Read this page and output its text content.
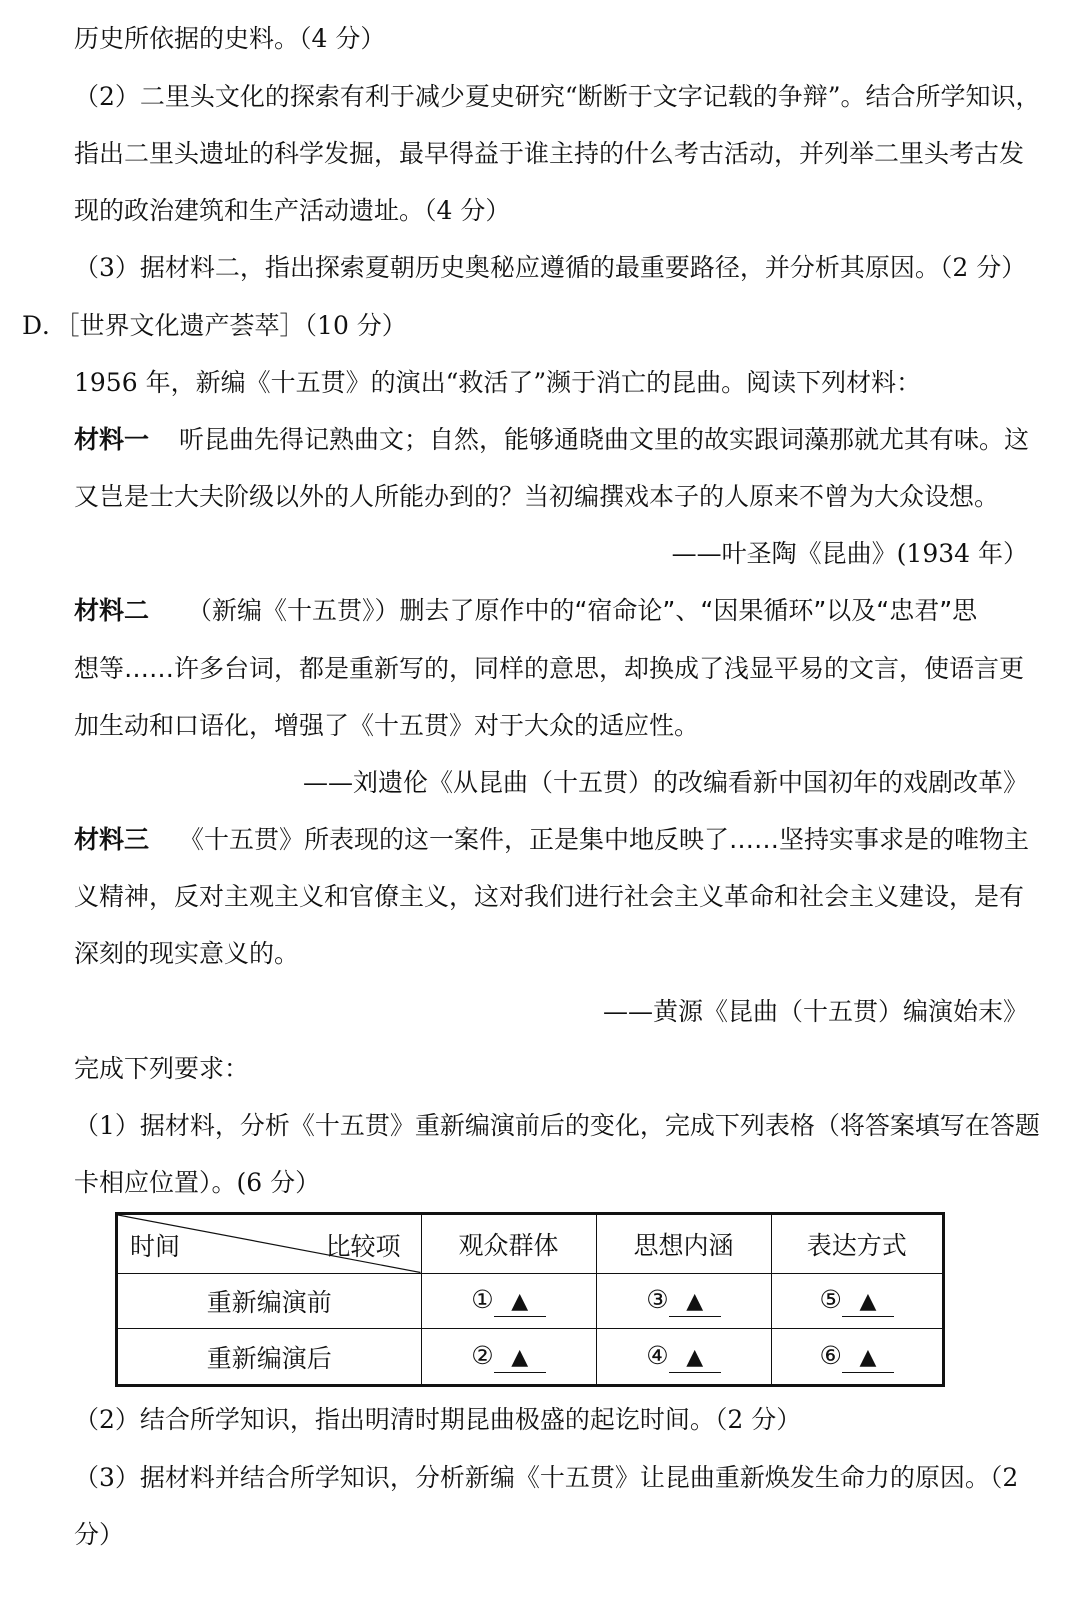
历史所依据的史料。（4 分）
（2）二里头文化的探索有利于减少夏史研究“断断于文字记载的争辩”。结合所学知识，
指出二里头遗址的科学发掘，最早得益于谁主持的什么考古活动，并列举二里头考古发
现的政治建筑和生产活动遗址。（4 分）
（3）据材料二，指出探索夏朝历史奥秘应遵循的最重要路径，并分析其原因。（2 分）
D．［世界文化遗产荟萃］（10 分）
1956 年，新编《十五贯》的演出“救活了”濒于消亡的昆曲。阅读下列材料：
材料一 听昆曲先得记熟曲文；自然，能够通晓曲文里的故实跟词藻那就尤其有味。这
又岂是士大夫阶级以外的人所能办到的？当初编撰戏本子的人原来不曾为大众设想。
——叶圣陶《昆曲》(1934 年）
材料二 （新编《十五贯》）删去了原作中的“宿命论”、“因果循环”以及“忠君”思
想等……许多台词，都是重新写的，同样的意思，却换成了浅显平易的文言，使语言更
加生动和口语化，增强了《十五贯》对于大众的适应性。
——刘遗伦《从昆曲（十五贯）的改编看新中国初年的戏剧改革》
材料三 《十五贯》所表现的这一案件，正是集中地反映了……坚持实事求是的唯物主
义精神，反对主观主义和官僚主义，这对我们进行社会主义革命和社会主义建设，是有
深刻的现实意义的。
——黄源《昆曲（十五贯）编演始末》
完成下列要求：
（1）据材料，分析《十五贯》重新编演前后的变化，完成下列表格（将答案填写在答题
卡相应位置）。(6 分）
时间 比较项	观众群体	思想内涵	表达方式
重新编演前	① ▲	③ ▲	⑤ ▲
重新编演后	② ▲	④ ▲	⑥ ▲
（2）结合所学知识，指出明清时期昆曲极盛的起讫时间。（2 分）
（3）据材料并结合所学知识，分析新编《十五贯》让昆曲重新焕发生命力的原因。（2
分）
